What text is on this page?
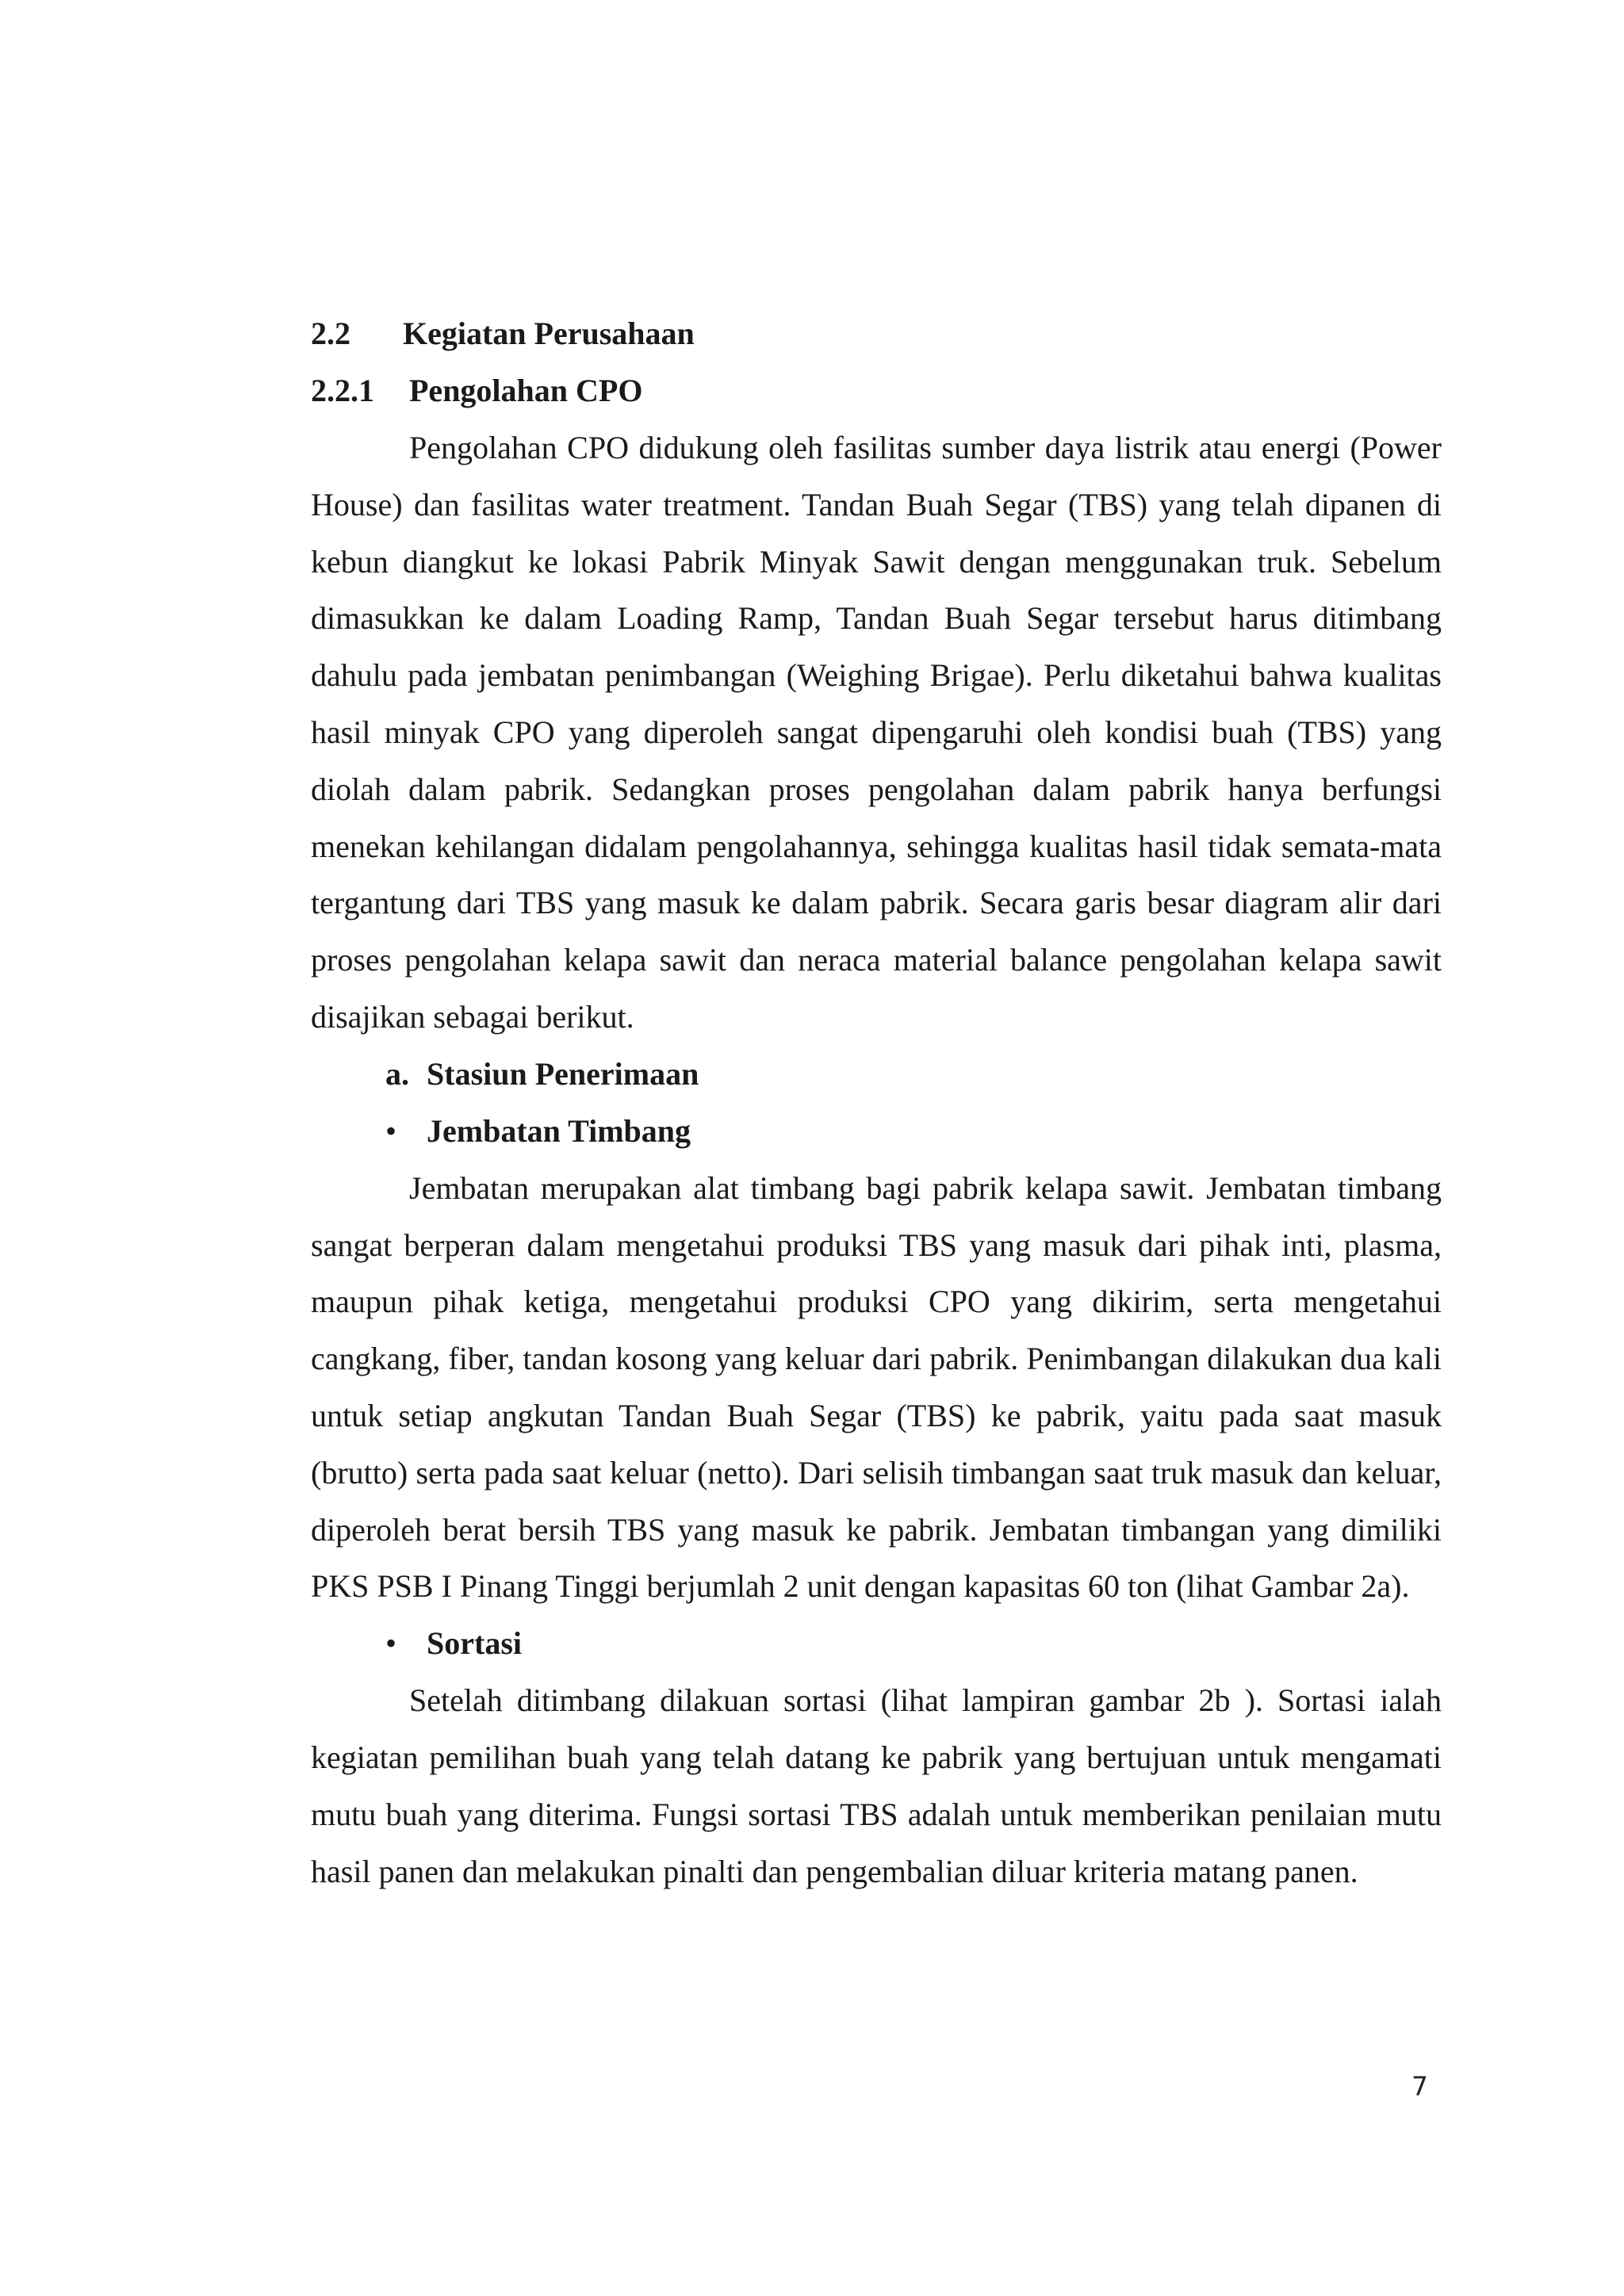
2.2 Kegiatan Perusahaan

2.2.1 Pengolahan CPO

Pengolahan CPO didukung oleh fasilitas sumber daya listrik atau energi (Power House) dan fasilitas water treatment. Tandan Buah Segar (TBS) yang telah dipanen di kebun diangkut ke lokasi Pabrik Minyak Sawit dengan menggunakan truk. Sebelum dimasukkan ke dalam Loading Ramp, Tandan Buah Segar tersebut harus ditimbang dahulu pada jembatan penimbangan (Weighing Brigae). Perlu diketahui bahwa kualitas hasil minyak CPO yang diperoleh sangat dipengaruhi oleh kondisi buah (TBS) yang diolah dalam pabrik. Sedangkan proses pengolahan dalam pabrik hanya berfungsi menekan kehilangan didalam pengolahannya, sehingga kualitas hasil tidak semata-mata tergantung dari TBS yang masuk ke dalam pabrik. Secara garis besar diagram alir dari proses pengolahan kelapa sawit dan neraca material balance pengolahan kelapa sawit disajikan sebagai berikut.

a. Stasiun Penerimaan

• Jembatan Timbang

Jembatan merupakan alat timbang bagi pabrik kelapa sawit. Jembatan timbang sangat berperan dalam mengetahui produksi TBS yang masuk dari pihak inti, plasma, maupun pihak ketiga, mengetahui produksi CPO yang dikirim, serta mengetahui cangkang, fiber, tandan kosong yang keluar dari pabrik. Penimbangan dilakukan dua kali untuk setiap angkutan Tandan Buah Segar (TBS) ke pabrik, yaitu pada saat masuk (brutto) serta pada saat keluar (netto). Dari selisih timbangan saat truk masuk dan keluar, diperoleh berat bersih TBS yang masuk ke pabrik. Jembatan timbangan yang dimiliki PKS PSB I Pinang Tinggi berjumlah 2 unit dengan kapasitas 60 ton (lihat Gambar 2a).

• Sortasi

Setelah ditimbang dilakuan sortasi (lihat lampiran gambar 2b ). Sortasi ialah kegiatan pemilihan buah yang telah datang ke pabrik yang bertujuan untuk mengamati mutu buah yang diterima. Fungsi sortasi TBS adalah untuk memberikan penilaian mutu hasil panen dan melakukan pinalti dan pengembalian diluar kriteria matang panen.

7
